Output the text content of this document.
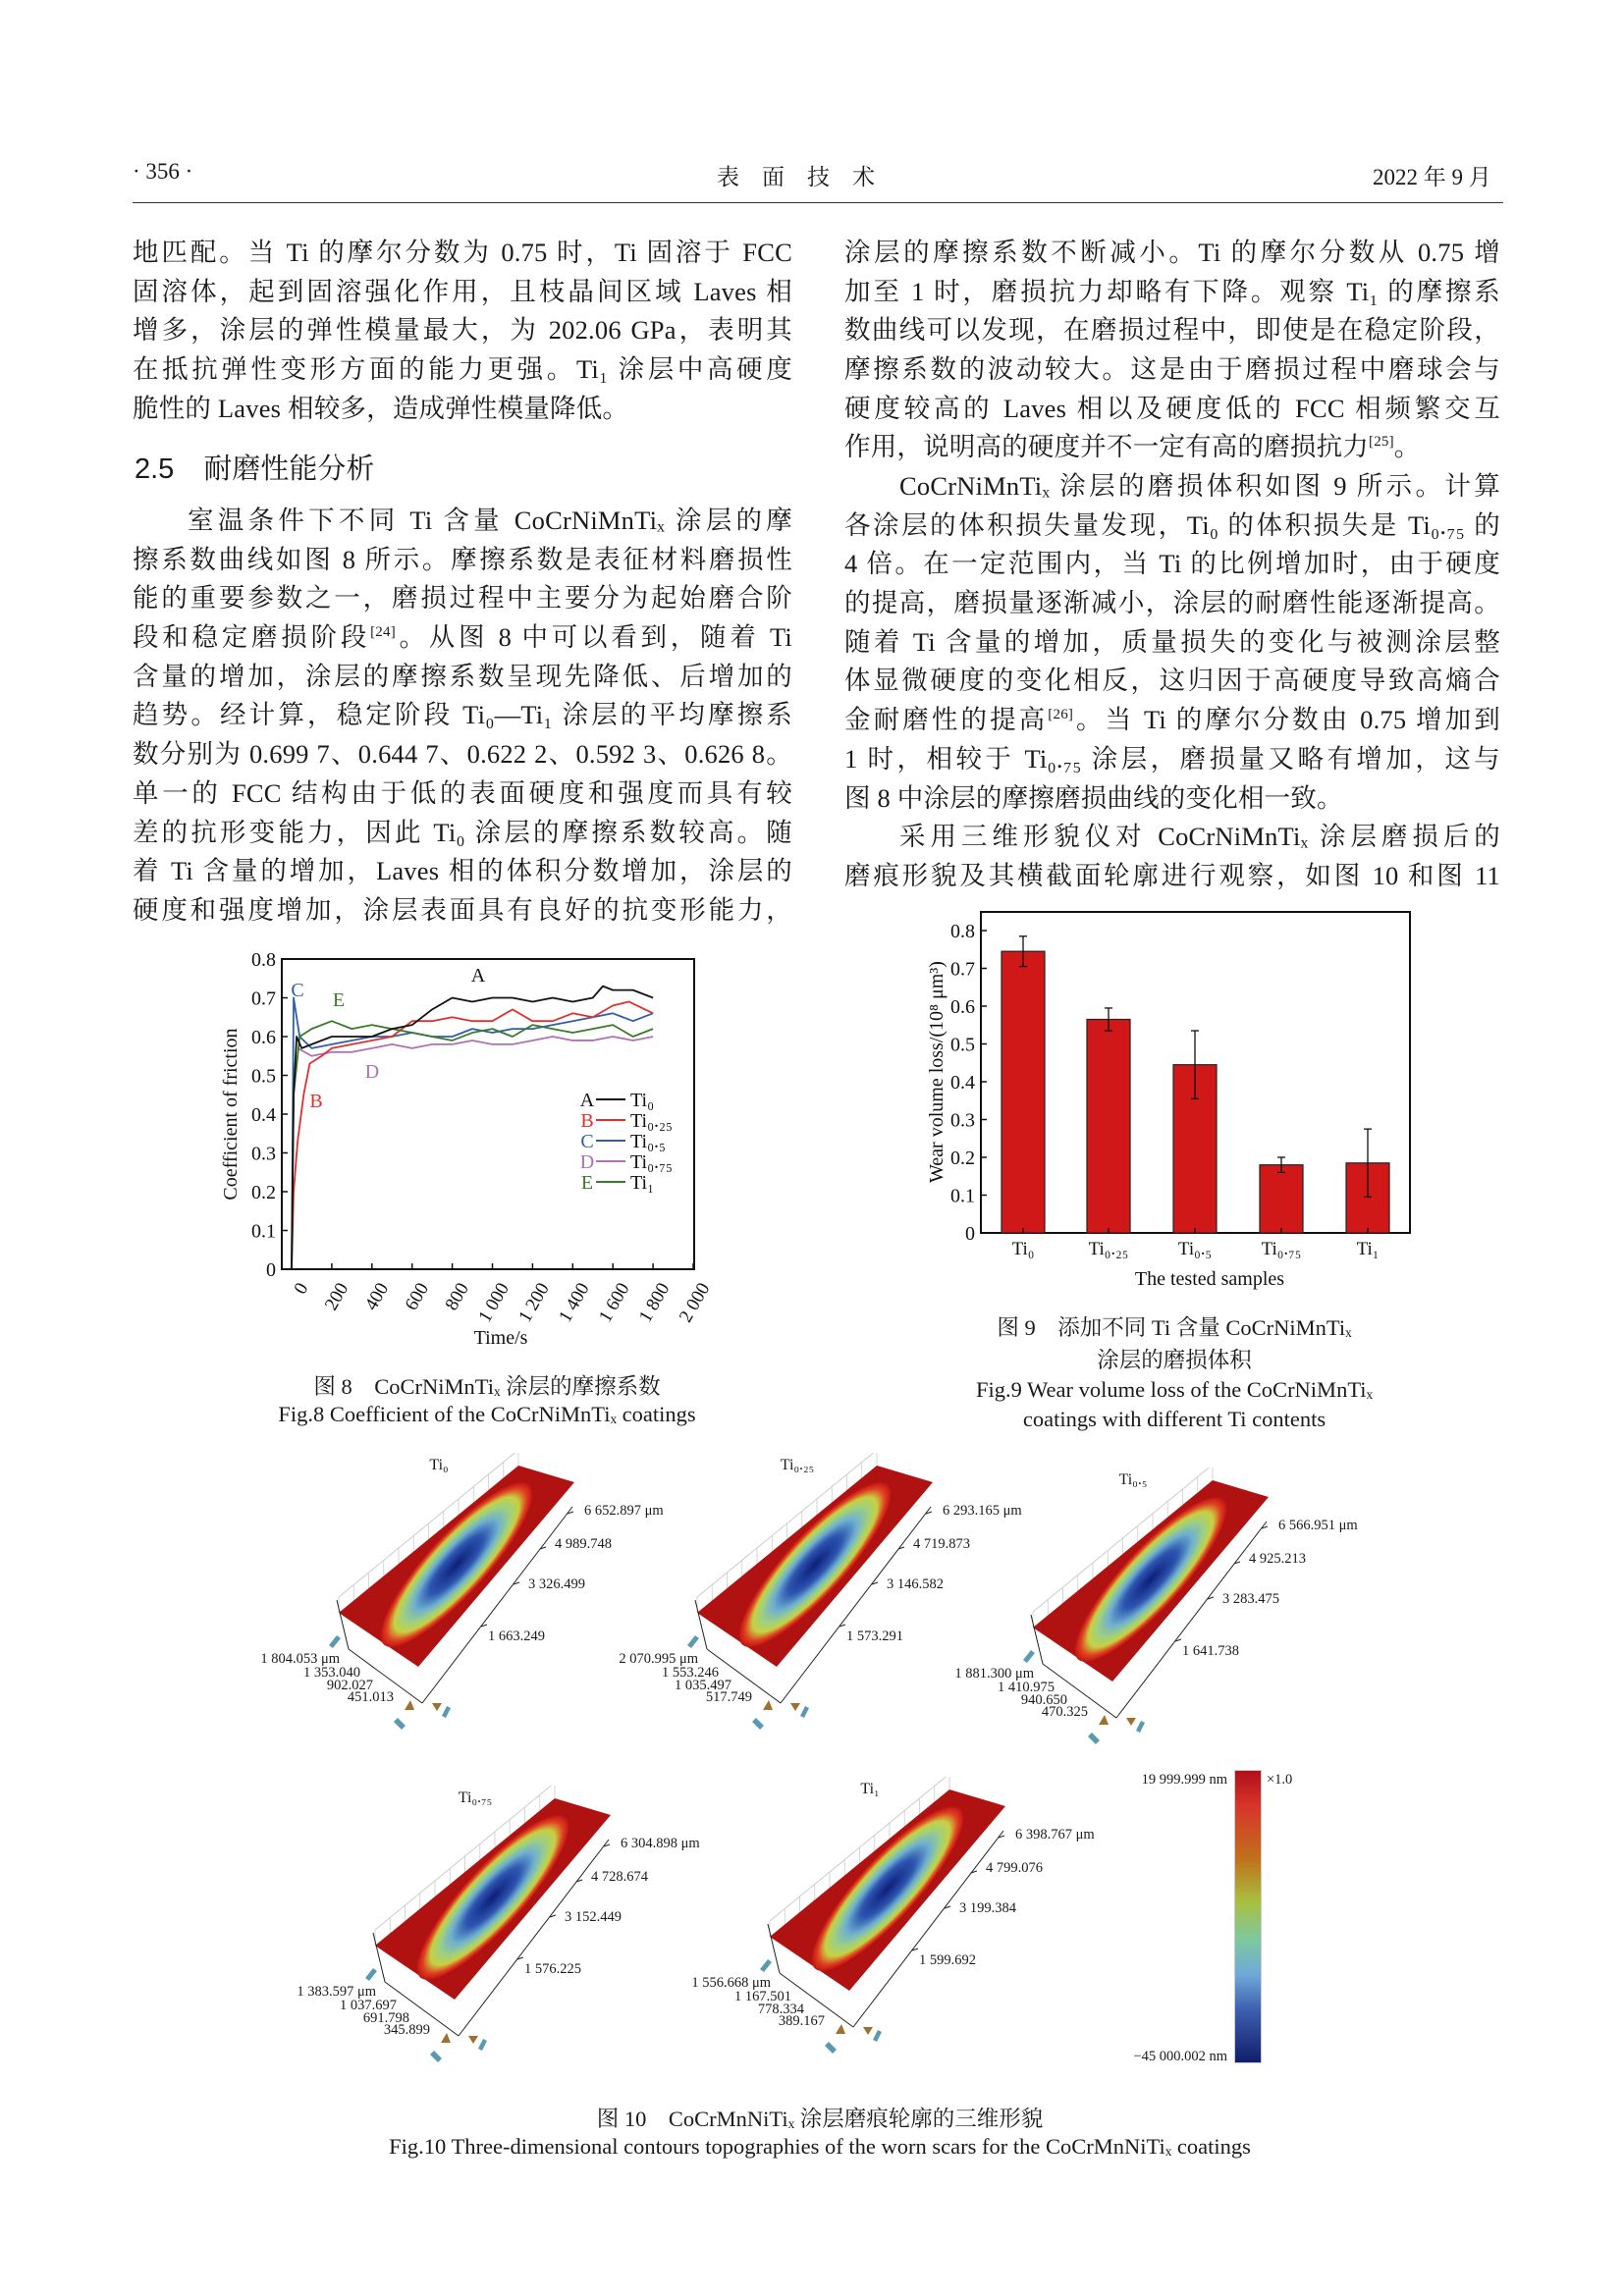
· 356 ·	表　面　技　术	2022 年 9 月
地匹配。当 Ti 的摩尔分数为 0.75 时，Ti 固溶于 FCC
固溶体，起到固溶强化作用，且枝晶间区域 Laves 相
增多，涂层的弹性模量最大，为 202.06 GPa，表明其
在抵抗弹性变形方面的能力更强。Ti₁ 涂层中高硬度
脆性的 Laves 相较多，造成弹性模量降低。
2.5 耐磨性能分析
室温条件下不同 Ti 含量 CoCrNiMnTiₓ 涂层的摩
擦系数曲线如图 8 所示。摩擦系数是表征材料磨损性
能的重要参数之一，磨损过程中主要分为起始磨合阶
段和稳定磨损阶段[24]。从图 8 中可以看到，随着 Ti
含量的增加，涂层的摩擦系数呈现先降低、后增加的
趋势。经计算，稳定阶段 Ti₀—Ti₁ 涂层的平均摩擦系
数分别为 0.699 7、0.644 7、0.622 2、0.592 3、0.626 8。
单一的 FCC 结构由于低的表面硬度和强度而具有较
差的抗形变能力，因此 Ti₀ 涂层的摩擦系数较高。随
着 Ti 含量的增加，Laves 相的体积分数增加，涂层的
硬度和强度增加，涂层表面具有良好的抗变形能力，
涂层的摩擦系数不断减小。Ti 的摩尔分数从 0.75 增
加至 1 时，磨损抗力却略有下降。观察 Ti₁ 的摩擦系
数曲线可以发现，在磨损过程中，即使是在稳定阶段，
摩擦系数的波动较大。这是由于磨损过程中磨球会与
硬度较高的 Laves 相以及硬度低的 FCC 相频繁交互
作用，说明高的硬度并不一定有高的磨损抗力[25]。
CoCrNiMnTiₓ 涂层的磨损体积如图 9 所示。计算
各涂层的体积损失量发现，Ti₀ 的体积损失是 Ti₀.₇₅ 的
4 倍。在一定范围内，当 Ti 的比例增加时，由于硬度
的提高，磨损量逐渐减小，涂层的耐磨性能逐渐提高。
随着 Ti 含量的增加，质量损失的变化与被测涂层整
体显微硬度的变化相反，这归因于高硬度导致高熵合
金耐磨性的提高[26]。当 Ti 的摩尔分数由 0.75 增加到
1 时，相较于 Ti₀.₇₅ 涂层，磨损量又略有增加，这与
图 8 中涂层的摩擦磨损曲线的变化相一致。
采用三维形貌仪对 CoCrNiMnTiₓ 涂层磨损后的
磨痕形貌及其横截面轮廓进行观察，如图 10 和图 11
0
0.1
0.2
0.3
0.4
0.5
0.6
0.7
0.8
0 200 400 600 800 1 000 1 200 1 400 1 600 1 800 2 000
Time/s
Coefficient of friction
A
B
C
D
E
A Ti₀
B Ti₀.₂₅
C Ti₀.₅
D Ti₀.₇₅
E Ti₁
0
0.1
0.2
0.3
0.4
0.5
0.6
0.7
0.8
Ti₀	Ti₀.₂₅	Ti₀.₅	Ti₀.₇₅	Ti₁
The tested samples
Wear volume loss/(10⁸ μm³)
图 8　CoCrNiMnTiₓ 涂层的摩擦系数
Fig.8 Coefficient of the CoCrNiMnTiₓ coatings
图 9　添加不同 Ti 含量 CoCrNiMnTiₓ
涂层的磨损体积
Fig.9 Wear volume loss of the CoCrNiMnTiₓ
coatings with different Ti contents
Ti₀
6 652.897 μm
4 989.748
3 326.499
1 663.249
1 804.053 μm
1 353.040
902.027
451.013
Ti₀.₂₅
6 293.165 μm
4 719.873
3 146.582
1 573.291
2 070.995 μm
1 553.246
1 035.497
517.749
Ti₀.₅
6 566.951 μm
4 925.213
3 283.475
1 641.738
1 881.300 μm
1 410.975
940.650
470.325
Ti₀.₇₅
6 304.898 μm
4 728.674
3 152.449
1 576.225
1 383.597 μm
1 037.697
691.798
345.899
Ti₁
6 398.767 μm
4 799.076
3 199.384
1 599.692
1 556.668 μm
1 167.501
778.334
389.167
19 999.999 nm	×1.0
−45 000.002 nm
图 10　CoCrMnNiTiₓ 涂层磨痕轮廓的三维形貌
Fig.10 Three-dimensional contours topographies of the worn scars for the CoCrMnNiTiₓ coatings
